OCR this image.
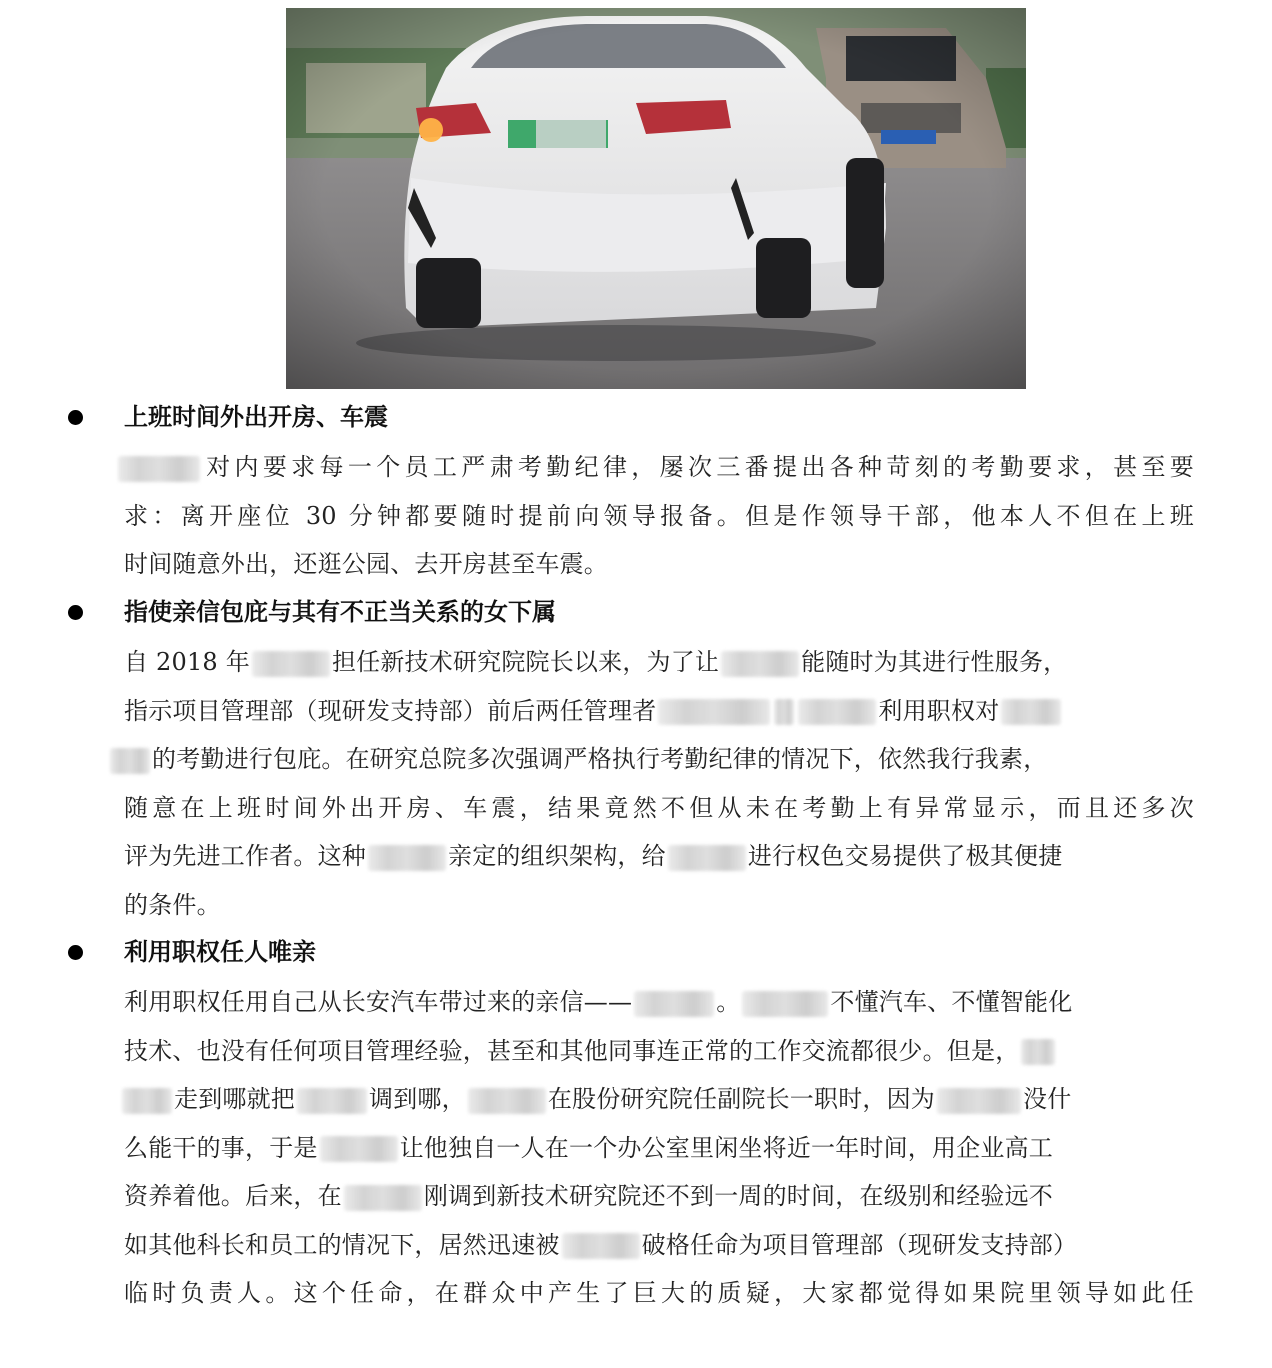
上班时间外出开房、车震
对内要求每一个员工严肃考勤纪律，屡次三番提出各种苛刻的考勤要求，甚至要
求：离开座位 30 分钟都要随时提前向领导报备。但是作领导干部，他本人不但在上班
时间随意外出，还逛公园、去开房甚至车震。
指使亲信包庇与其有不正当关系的女下属
自 2018 年	担任新技术研究院院长以来，为了让	能随时为其进行性服务，
指示项目管理部（现研发支持部）前后两任管理者	利用职权对
的考勤进行包庇。在研究总院多次强调严格执行考勤纪律的情况下，依然我行我素，
随意在上班时间外出开房、车震，结果竟然不但从未在考勤上有异常显示，而且还多次
评为先进工作者。这种	亲定的组织架构，给	进行权色交易提供了极其便捷
的条件。
利用职权任人唯亲
利用职权任用自己从长安汽车带过来的亲信——	。	不懂汽车、不懂智能化
技术、也没有任何项目管理经验，甚至和其他同事连正常的工作交流都很少。但是，
走到哪就把	调到哪，	在股份研究院任副院长一职时，因为	没什
么能干的事，于是	让他独自一人在一个办公室里闲坐将近一年时间，用企业高工
资养着他。后来，在	刚调到新技术研究院还不到一周的时间，在级别和经验远不
如其他科长和员工的情况下，居然迅速被	破格任命为项目管理部（现研发支持部）
临时负责人。这个任命，在群众中产生了巨大的质疑，大家都觉得如果院里领导如此任
